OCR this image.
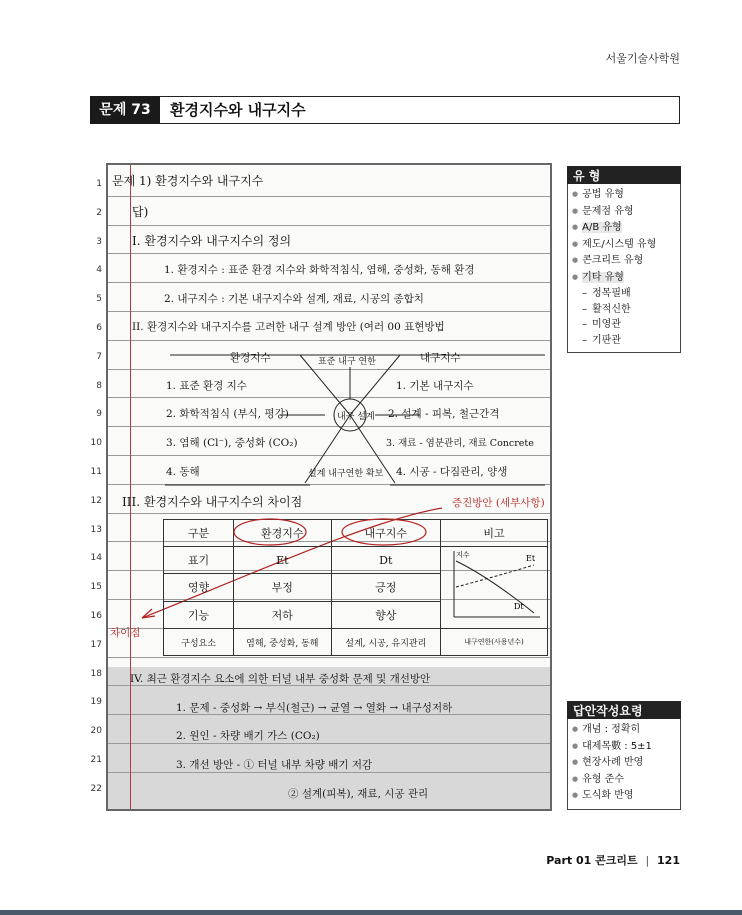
서울기술사학원
문제 73	환경지수와 내구지수
1
2
3
4
5
6
7
8
9
10
11
12
13
14
15
16
17
18
19
20
21
22
문제 1) 환경지수와 내구지수
답)
I. 환경지수와 내구지수의 정의
1. 환경지수 : 표준 환경 지수와 화학적침식, 염해, 중성화, 동해 환경
2. 내구지수 : 기본 내구지수와 설계, 재료, 시공의 종합치
II. 환경지수와 내구지수를 고려한 내구 설계 방안 (여러 00 표현방법
환경지수	표준 내구 연한	내구지수
1. 표준 환경 지수	1. 기본 내구지수
2. 화학적침식 (부식, 평강)	내구 설계 2. 설계 - 피복, 철근간격
3. 염해 (Cl⁻), 중성화 (CO₂)	3. 재료 - 염분관리, 재료 Concrete
4. 동해	설계 내구연한 확보 4. 시공 - 다짐관리, 양생
III. 환경지수와 내구지수의 차이점	증진방안 (세부사항)
차이점
구분	환경지수	내구지수	비고
표기	Et	Dt	지수 Et
Dt

영향	부정	긍정	
기능	저하	향상	
구성요소	염해, 중성화, 동해	설계, 시공, 유지관리	내구연한(사용년수)
IV. 최근 환경지수 요소에 의한 터널 내부 중성화 문제 및 개선방안
1. 문제 - 중성화 → 부식(철근) → 균열 → 열화 → 내구성저하
2. 원인 - 차량 배기 가스 (CO₂)
3. 개선 방안 - ① 터널 내부 차량 배기 저감
② 설계(피복), 재료, 시공 관리
유 형
● 공법 유형
● 문제점 유형
● A/B 유형
● 제도/시스템 유형
● 콘크리트 유형
● 기타 유형
– 정목필배
– 활적신한
– 미영관
– 기판관
답안작성요령
● 개념 : 정확히
● 대제목數 : 5±1
● 현장사례 반영
● 유형 준수
● 도식화 반영
Part 01 콘크리트 | 121
